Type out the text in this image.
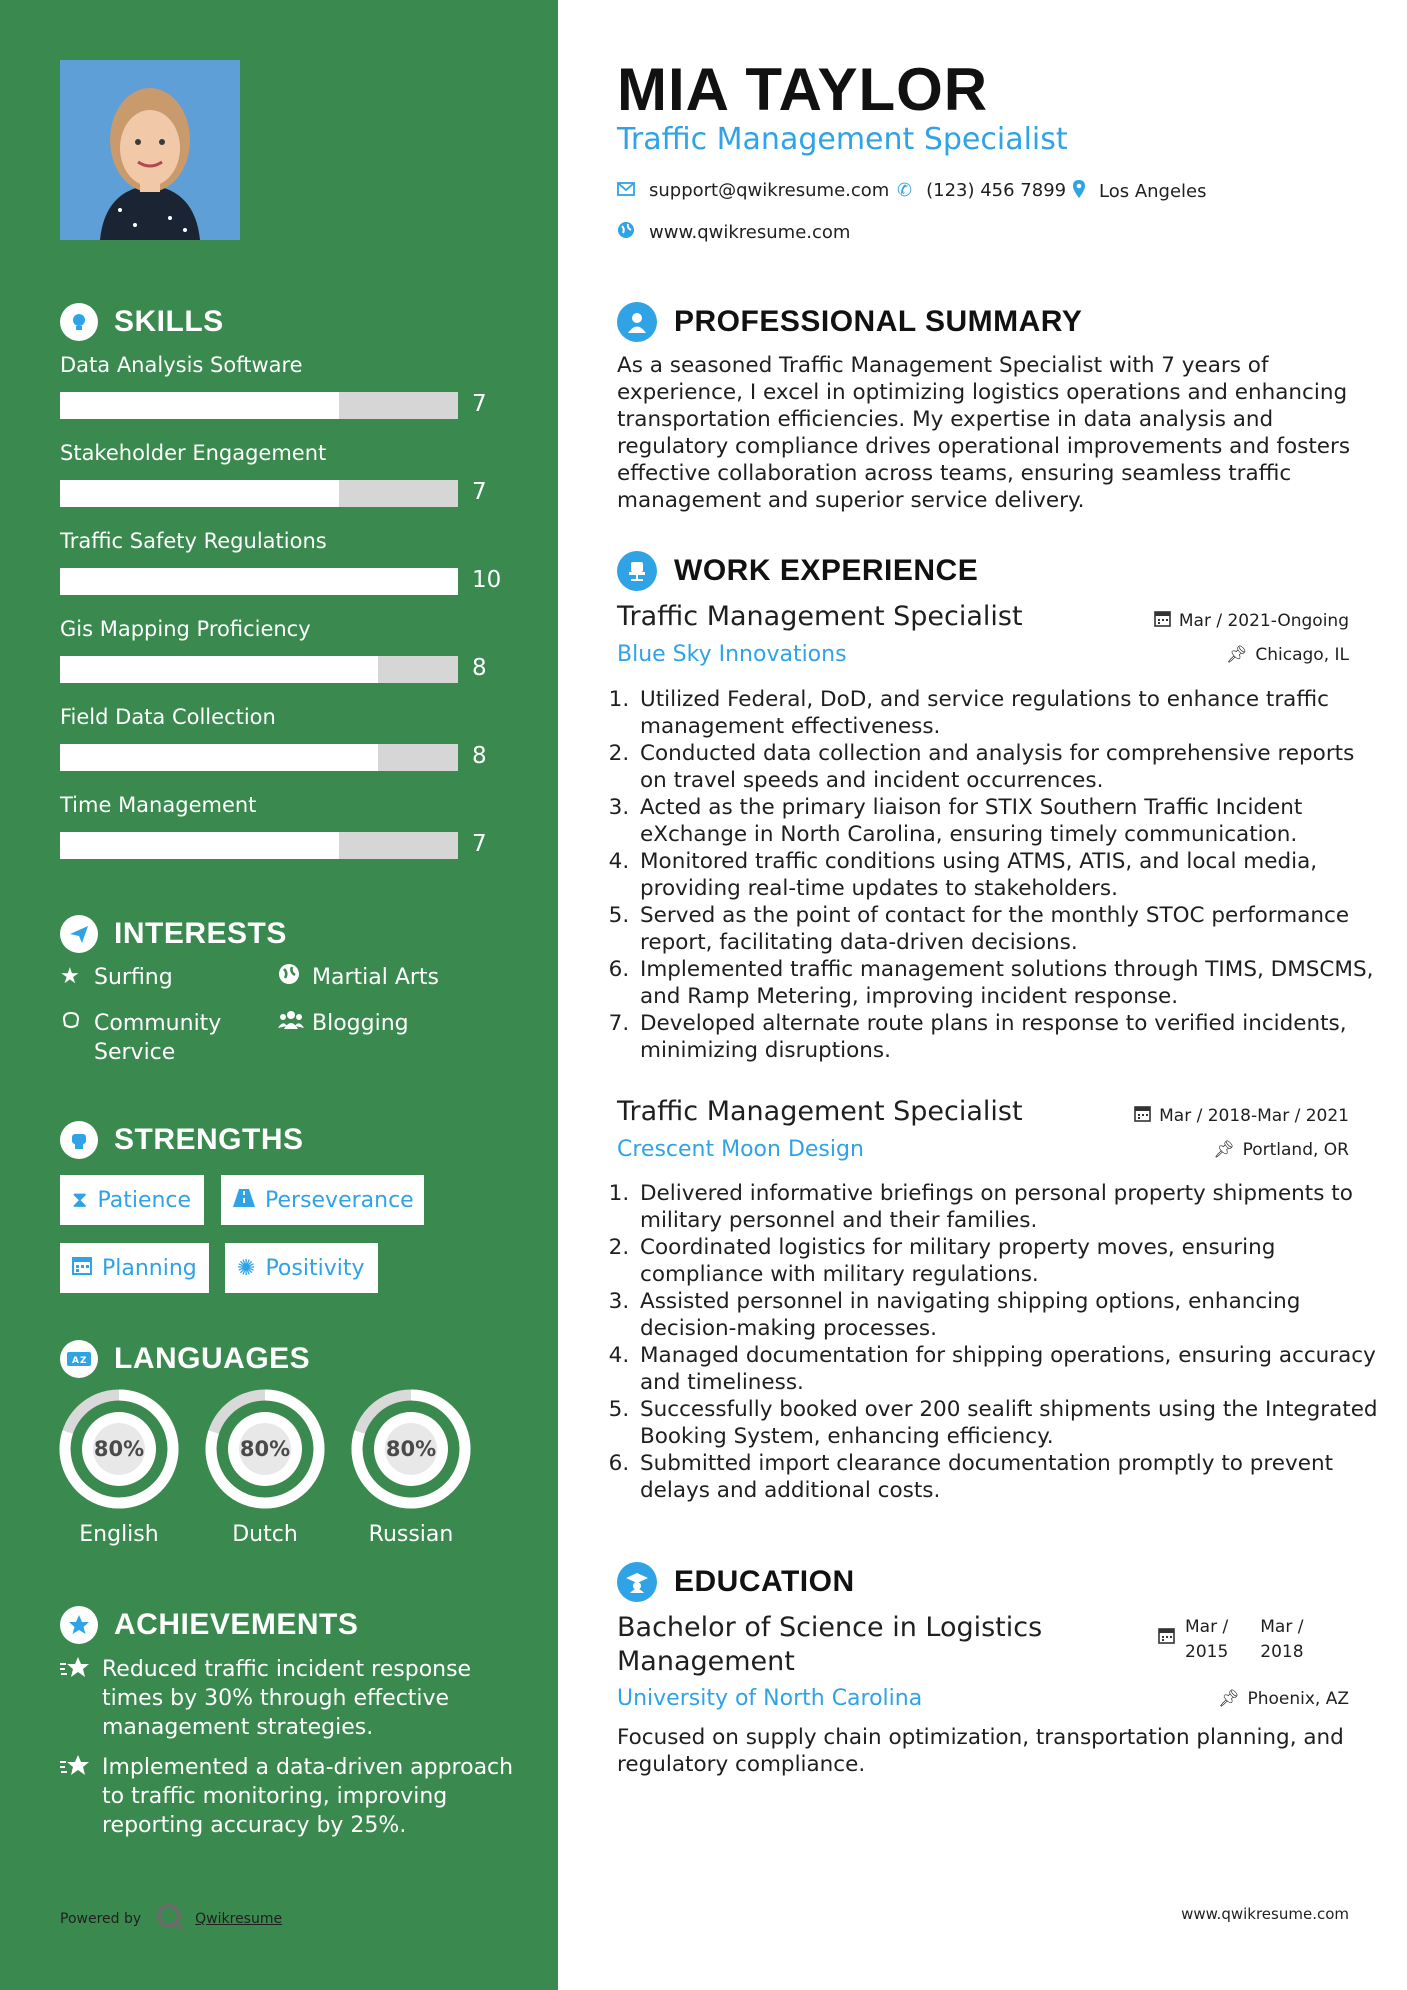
SKILLS
Data Analysis Software
7
Stakeholder Engagement
7
Traffic Safety Regulations
10
Gis Mapping Proficiency
8
Field Data Collection
8
Time Management
7
INTERESTS
★ Surfing	Martial Arts
Community
Service
Blogging
STRENGTHS
⧗ Patience	Perseverance
Planning ✺ Positivity
A Z LANGUAGES
80%
English
80%
Dutch
80%
Russian
ACHIEVEMENTS
Reduced traffic incident response times by 30% through effective management strategies.
Implemented a data-driven approach to traffic monitoring, improving reporting accuracy by 25%.
Powered by	Qwikresume
MIA TAYLOR
Traffic Management Specialist
support@qwikresume.com ✆ (123) 456 7899 Los Angeles
www.qwikresume.com
PROFESSIONAL SUMMARY
As a seasoned Traffic Management Specialist with 7 years of experience, I excel in optimizing logistics operations and enhancing transportation efficiencies. My expertise in data analysis and regulatory compliance drives operational improvements and fosters effective collaboration across teams, ensuring seamless traffic management and superior service delivery.
WORK EXPERIENCE
Traffic Management Specialist
Blue Sky Innovations
Mar / 2021-Ongoing
📌︎ Chicago, IL
1. Utilized Federal, DoD, and service regulations to enhance traffic management effectiveness.
2. Conducted data collection and analysis for comprehensive reports on travel speeds and incident occurrences.
3. Acted as the primary liaison for STIX Southern Traffic Incident eXchange in North Carolina, ensuring timely communication.
4. Monitored traffic conditions using ATMS, ATIS, and local media, providing real-time updates to stakeholders.
5. Served as the point of contact for the monthly STOC performance report, facilitating data-driven decisions.
6. Implemented traffic management solutions through TIMS, DMSCMS, and Ramp Metering, improving incident response.
7. Developed alternate route plans in response to verified incidents, minimizing disruptions.
Traffic Management Specialist
Crescent Moon Design
Mar / 2018-Mar / 2021
📌︎ Portland, OR
1. Delivered informative briefings on personal property shipments to military personnel and their families.
2. Coordinated logistics for military property moves, ensuring compliance with military regulations.
3. Assisted personnel in navigating shipping options, enhancing decision-making processes.
4. Managed documentation for shipping operations, ensuring accuracy and timeliness.
5. Successfully booked over 200 sealift shipments using the Integrated Booking System, enhancing efficiency.
6. Submitted import clearance documentation promptly to prevent delays and additional costs.
EDUCATION
Bachelor of Science in Logistics
Management
Mar /
2015
Mar /
2018
University of North Carolina	📌︎ Phoenix, AZ
Focused on supply chain optimization, transportation planning, and regulatory compliance.
www.qwikresume.com
